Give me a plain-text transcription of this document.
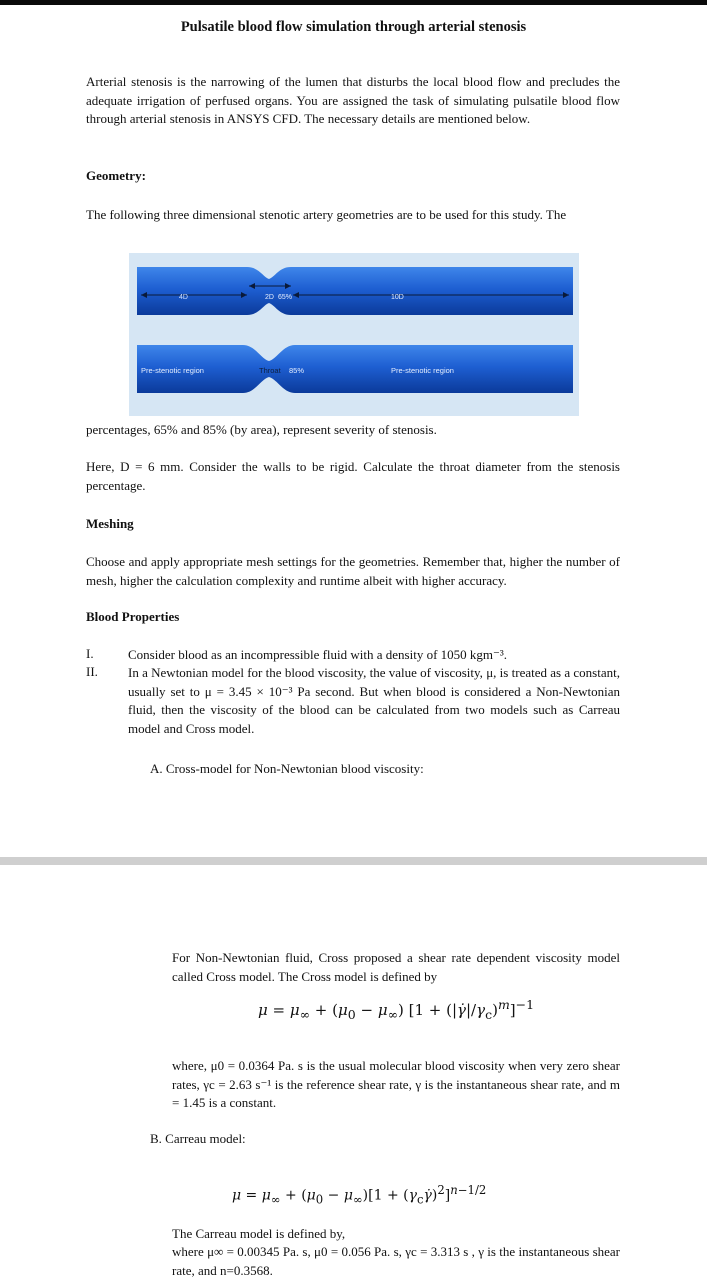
Pulsatile blood flow simulation through arterial stenosis
Arterial stenosis is the narrowing of the lumen that disturbs the local blood flow and precludes the adequate irrigation of perfused organs. You are assigned the task of simulating pulsatile blood flow through arterial stenosis in ANSYS CFD. The necessary details are mentioned below.
Geometry:
The following three dimensional stenotic artery geometries are to be used for this study. The
4D	2D 65%	10D
Pre-stenotic region	Throat 85%	Pre-stenotic region
percentages, 65% and 85% (by area), represent severity of stenosis.
Here, D = 6 mm. Consider the walls to be rigid. Calculate the throat diameter from the stenosis percentage.
Meshing
Choose and apply appropriate mesh settings for the geometries. Remember that, higher the number of mesh, higher the calculation complexity and runtime albeit with higher accuracy.
Blood Properties
I.	Consider blood as an incompressible fluid with a density of 1050 kgm⁻³.
II. In a Newtonian model for the blood viscosity, the value of viscosity, μ, is treated as a constant, usually set to μ = 3.45 × 10⁻³ Pa second. But when blood is considered a Non-Newtonian fluid, then the viscosity of the blood can be calculated from two models such as Carreau model and Cross model.
A. Cross-model for Non-Newtonian blood viscosity:
For Non-Newtonian fluid, Cross proposed a shear rate dependent viscosity model called Cross model. The Cross model is defined by
$\mu = \mu_\infty + (\mu_0 - \mu_\infty) [1$ + $(|\gammȧ|/\gamma_c)^m]^{-1}$
where, μ0 = 0.0364 Pa. s is the usual molecular blood viscosity when very zero shear rates, γc = 2.63 s⁻¹ is the reference shear rate, γ is the instantaneous shear rate, and m = 1.45 is a constant.
B. Carreau model:
$\mu = \mu_\infty + (\mu_0 - \mu_\infty)[1$ + $(\gamma_c\gammȧ)^2]^{n-1/2}$
The Carreau model is defined by,
where μ∞ = 0.00345 Pa. s, μ0 = 0.056 Pa. s, γc = 3.313 s , γ is the instantaneous shear rate, and n=0.3568.
